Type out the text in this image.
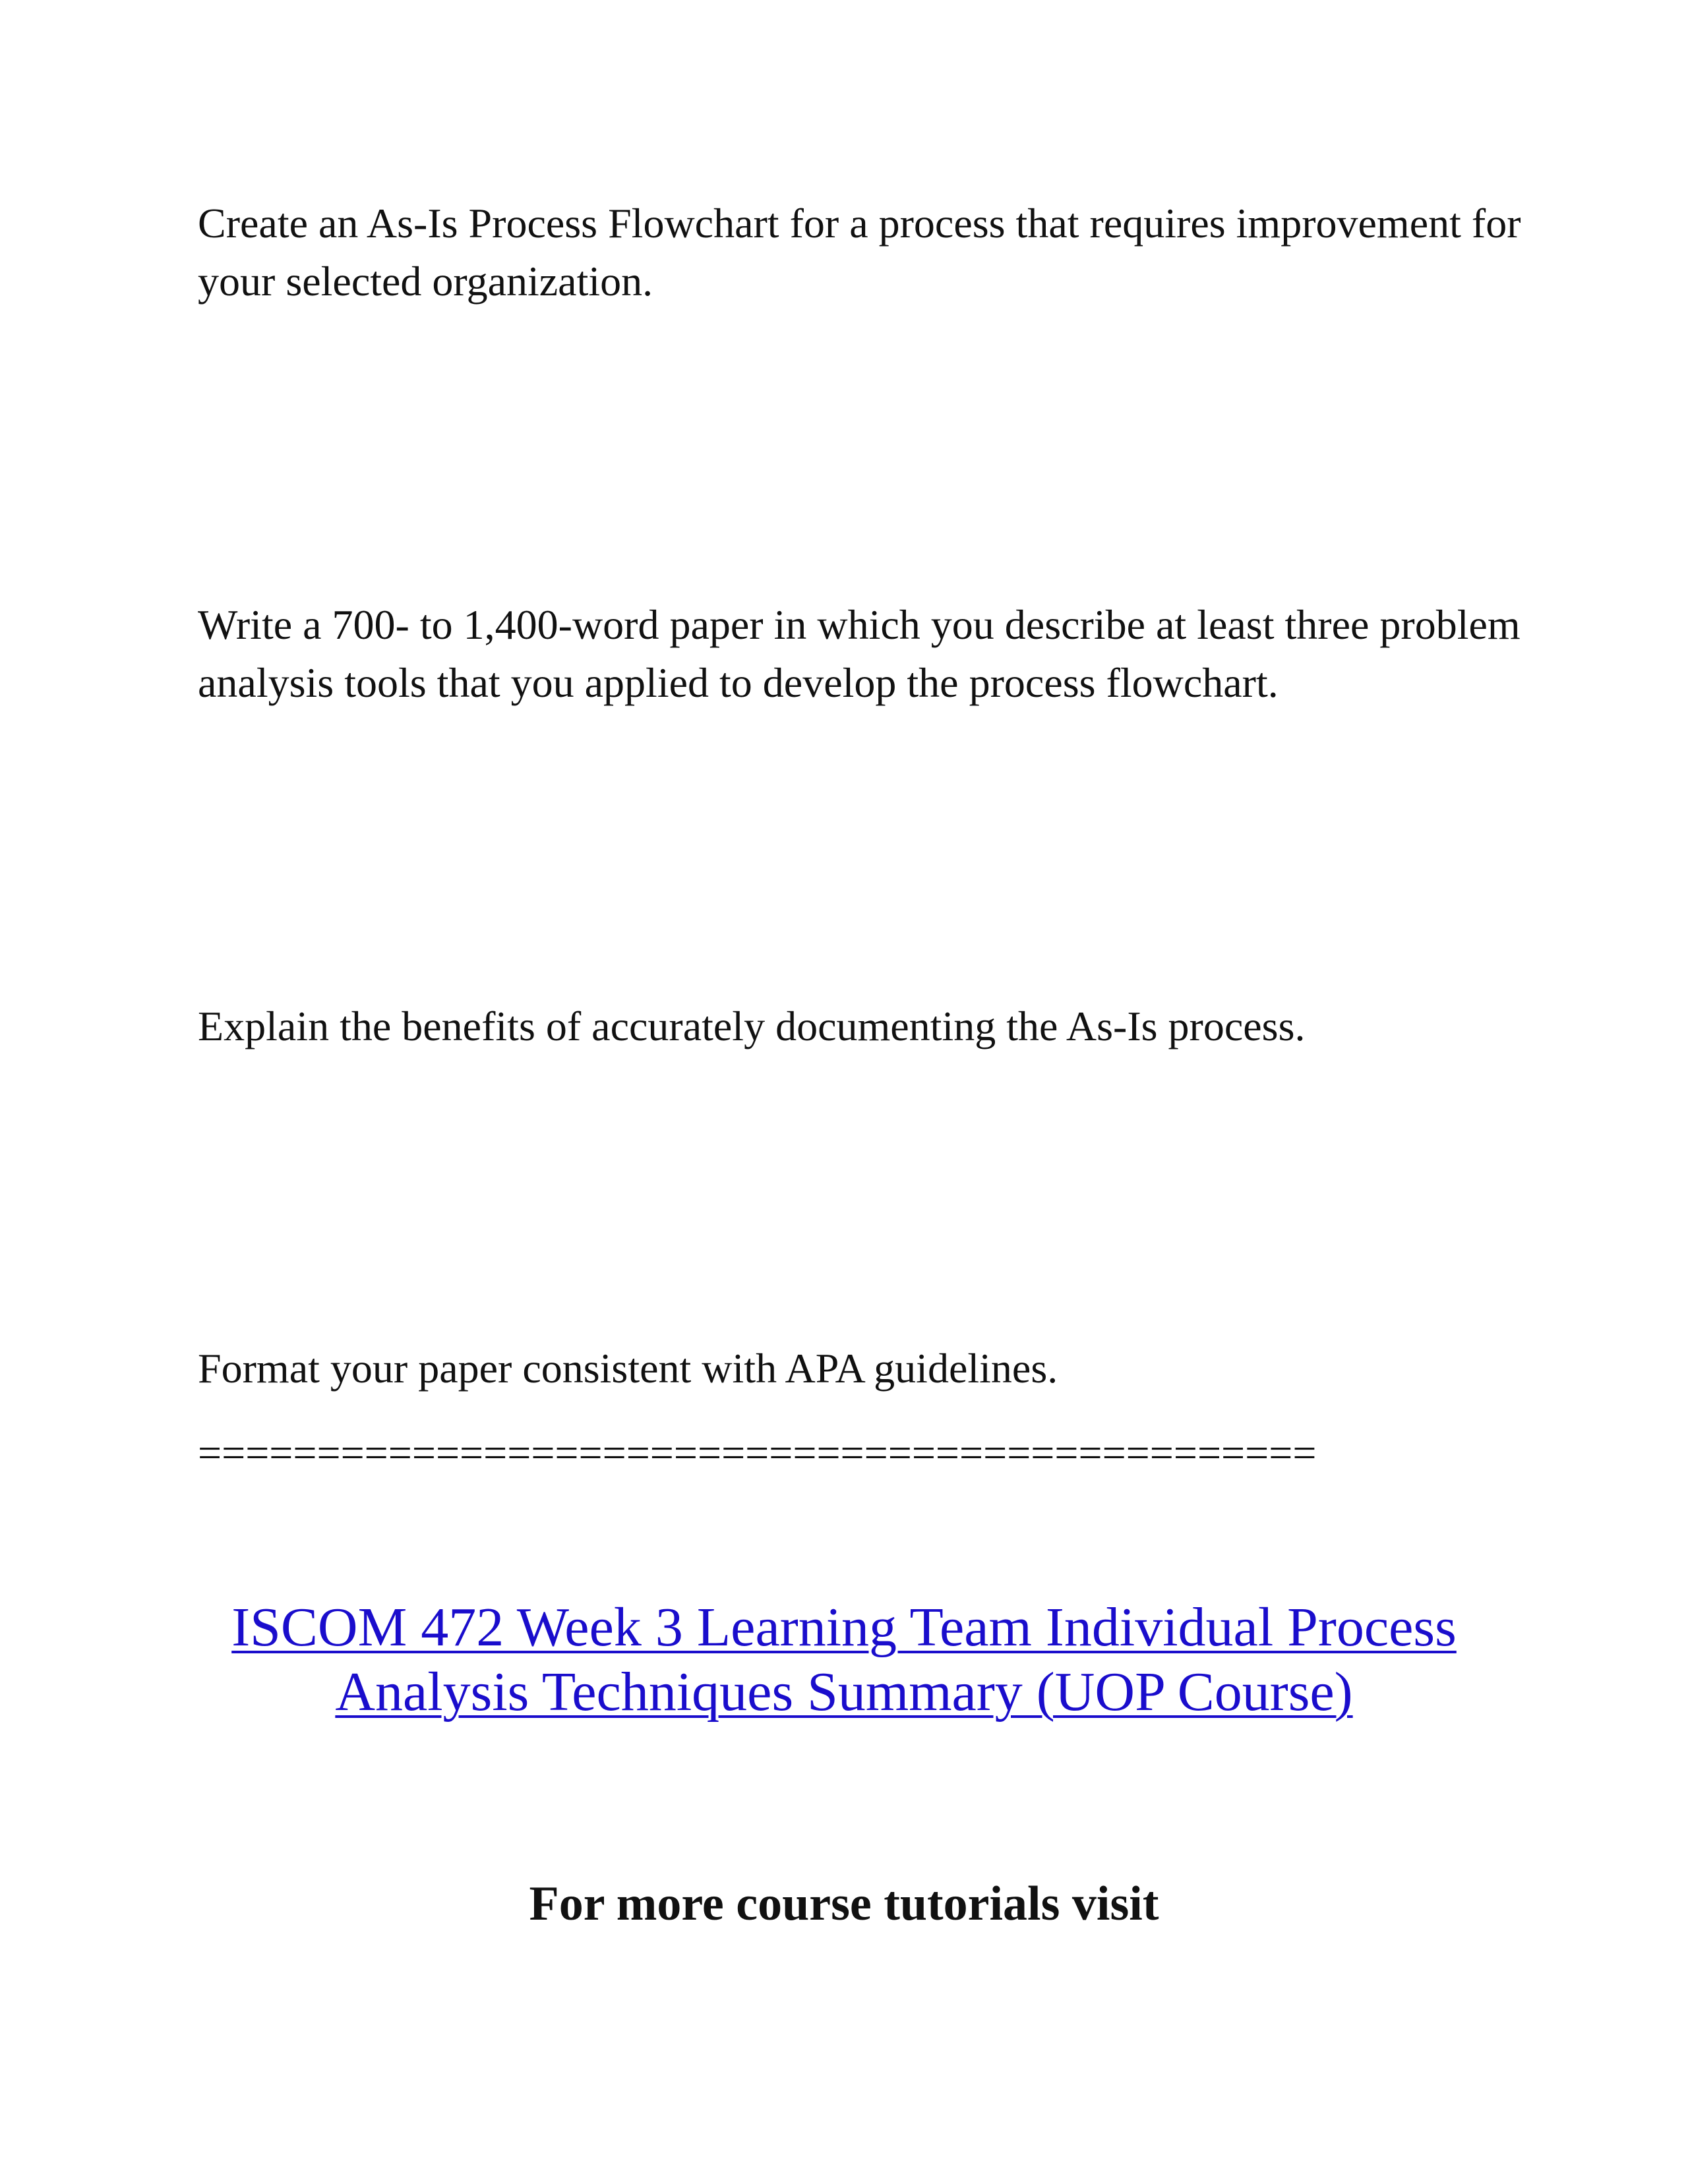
Create an As-Is Process Flowchart for a process that requires improvement for your selected organization.

Write a 700- to 1,400-word paper in which you describe at least three problem analysis tools that you applied to develop the process flowchart.

Explain the benefits of accurately documenting the As-Is process.

Format your paper consistent with APA guidelines.

===============================================
ISCOM 472 Week 3 Learning Team Individual Process Analysis Techniques Summary (UOP Course)

For more course tutorials visit
